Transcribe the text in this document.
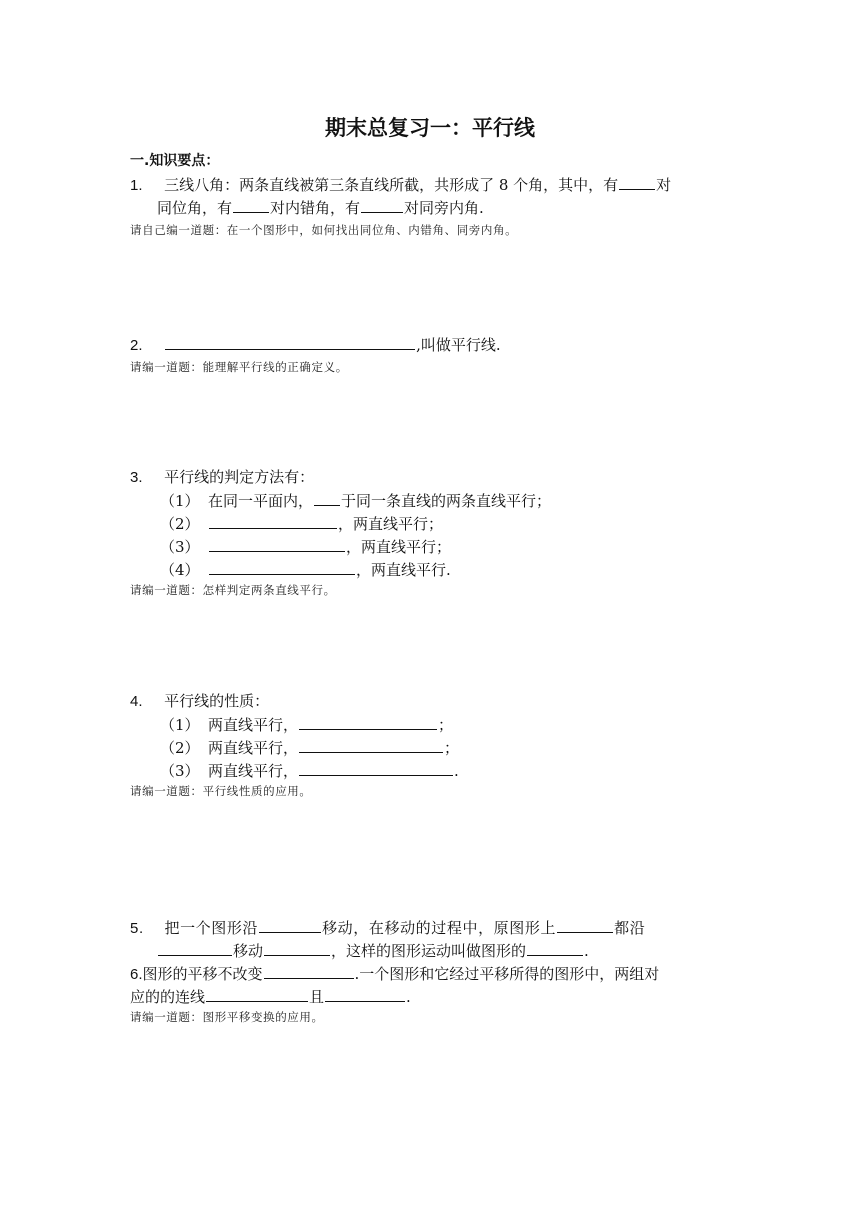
期末总复习一：平行线
一.知识要点：
1. 三线八角：两条直线被第三条直线所截，共形成了 8 个角，其中，有	对
同位角，有	对内错角，有	对同旁内角.
请自己编一道题：在一个图形中，如何找出同位角、内错角、同旁内角。
2.	,叫做平行线.
请编一道题：能理解平行线的正确定义。
3. 平行线的判定方法有：
（1） 在同一平面内， 于同一条直线的两条直线平行；
（2）	，两直线平行；
（3）	，两直线平行；
（4）	，两直线平行.
请编一道题：怎样判定两条直线平行。
4. 平行线的性质：
（1） 两直线平行，	；
（2） 两直线平行，	；
（3） 两直线平行，	.
请编一道题：平行线性质的应用。
5. 把一个图形沿	移动，在移动的过程中，原图形上	都沿
移动	，这样的图形运动叫做图形的	.
6.图形的平移不改变	.一个图形和它经过平移所得的图形中，两组对
应的的连线	且	.
请编一道题：图形平移变换的应用。
